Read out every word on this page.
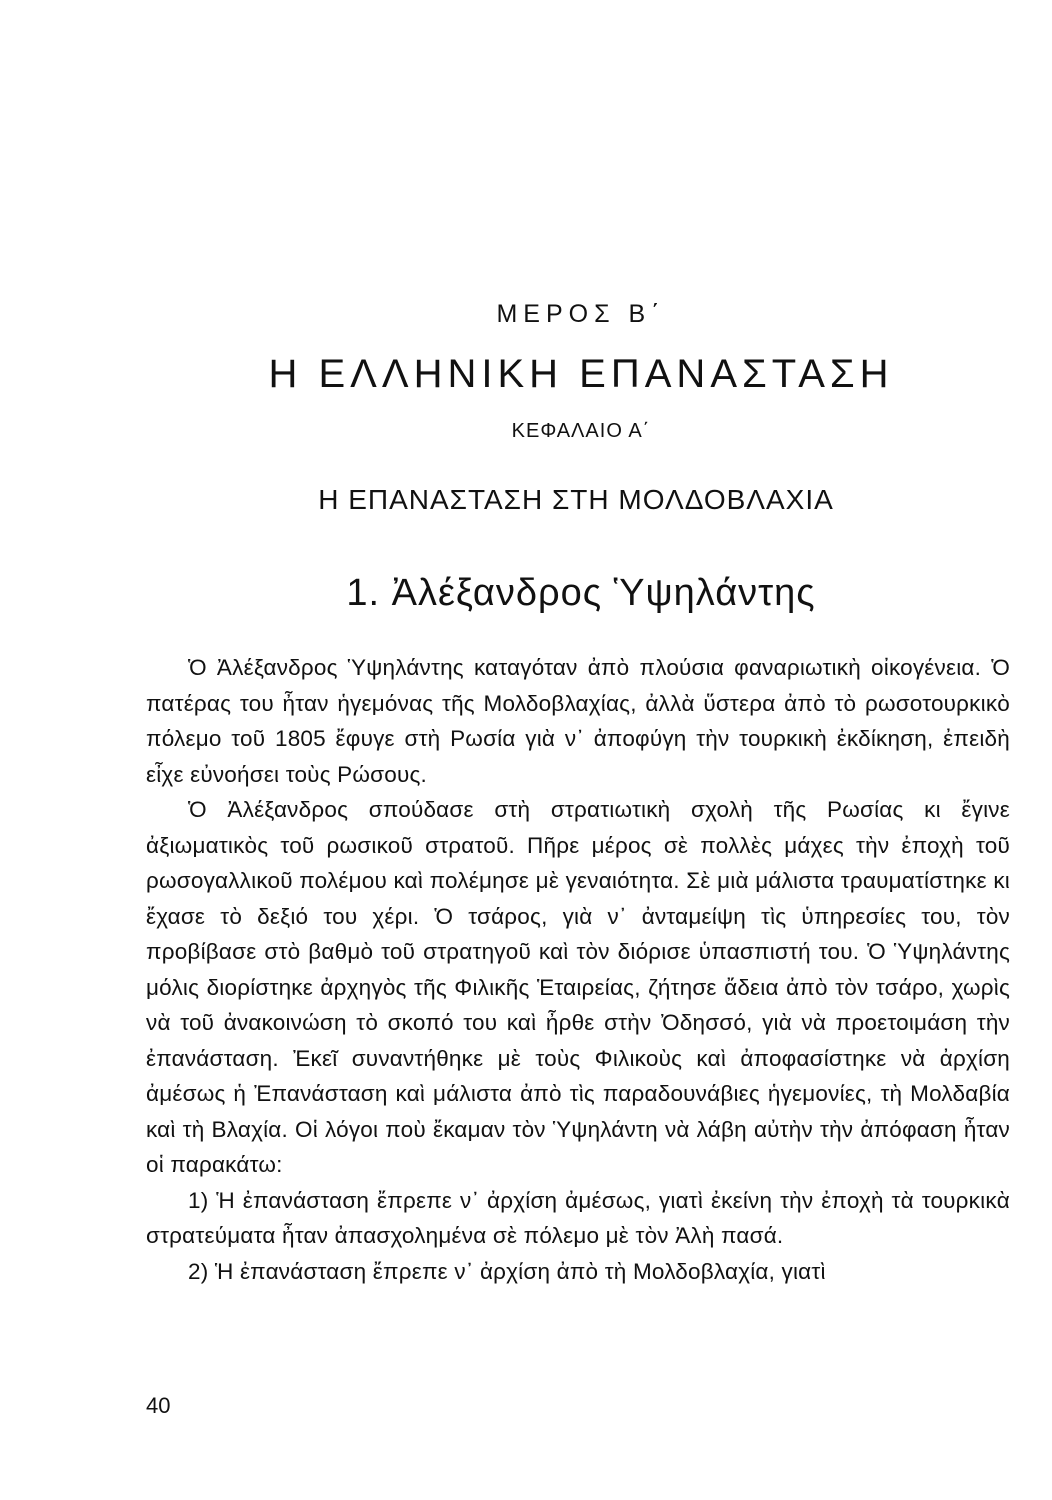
ΜΕΡΟΣ Β΄
Η ΕΛΛΗΝΙΚΗ ΕΠΑΝΑΣΤΑΣΗ
ΚΕΦΑΛΑΙΟ Α΄
Η ΕΠΑΝΑΣΤΑΣΗ ΣΤΗ ΜΟΛΔΟΒΛΑΧΙΑ
1. Ἀλέξανδρος Ὑψηλάντης

Ὁ Ἀλέξανδρος Ὑψηλάντης καταγόταν ἀπὸ πλούσια φαναριωτικὴ οἰκογένεια. Ὁ πατέρας του ἦταν ἡγεμόνας τῆς Μολδοβλαχίας, ἀλλὰ ὕστερα ἀπὸ τὸ ρωσοτουρκικὸ πόλεμο τοῦ 1805 ἔφυγε στὴ Ρωσία γιὰ ν᾿ ἀποφύγη τὴν τουρκικὴ ἐκδίκηση, ἐπειδὴ εἶχε εὐνοήσει τοὺς Ρώσους.

Ὁ Ἀλέξανδρος σπούδασε στὴ στρατιωτικὴ σχολὴ τῆς Ρωσίας κι ἔγινε ἀξιωματικὸς τοῦ ρωσικοῦ στρατοῦ. Πῆρε μέρος σὲ πολλὲς μάχες τὴν ἐποχὴ τοῦ ρωσογαλλικοῦ πολέμου καὶ πολέμησε μὲ γεναιότητα. Σὲ μιὰ μάλιστα τραυματίστηκε κι ἔχασε τὸ δεξιό του χέρι. Ὁ τσάρος, γιὰ ν᾿ ἀνταμείψη τὶς ὑπηρεσίες του, τὸν προβίβασε στὸ βαθμὸ τοῦ στρατηγοῦ καὶ τὸν διόρισε ὑπασπιστή του. Ὁ Ὑψηλάντης μόλις διορίστηκε ἀρχηγὸς τῆς Φιλικῆς Ἑταιρείας, ζήτησε ἄδεια ἀπὸ τὸν τσάρο, χωρὶς νὰ τοῦ ἀνακοινώση τὸ σκοπό του καὶ ἦρθε στὴν Ὀδησσό, γιὰ νὰ προετοιμάση τὴν ἐπανάσταση. Ἐκεῖ συναντήθηκε μὲ τοὺς Φιλικοὺς καὶ ἀποφασίστηκε νὰ ἀρχίση ἀμέσως ἡ Ἐπανάσταση καὶ μάλιστα ἀπὸ τὶς παραδουνάβιες ἡγεμονίες, τὴ Μολδαβία καὶ τὴ Βλαχία. Οἱ λόγοι ποὺ ἔκαμαν τὸν Ὑψηλάντη νὰ λάβη αὐτὴν τὴν ἀπόφαση ἦταν οἱ παρακάτω:

1) Ἡ ἐπανάσταση ἔπρεπε ν᾿ ἀρχίση ἀμέσως, γιατὶ ἐκείνη τὴν ἐποχὴ τὰ τουρκικὰ στρατεύματα ἦταν ἀπασχολημένα σὲ πόλεμο μὲ τὸν Ἀλὴ πασά.

2) Ἡ ἐπανάσταση ἔπρεπε ν᾿ ἀρχίση ἀπὸ τὴ Μολδοβλαχία, γιατὶ

40
